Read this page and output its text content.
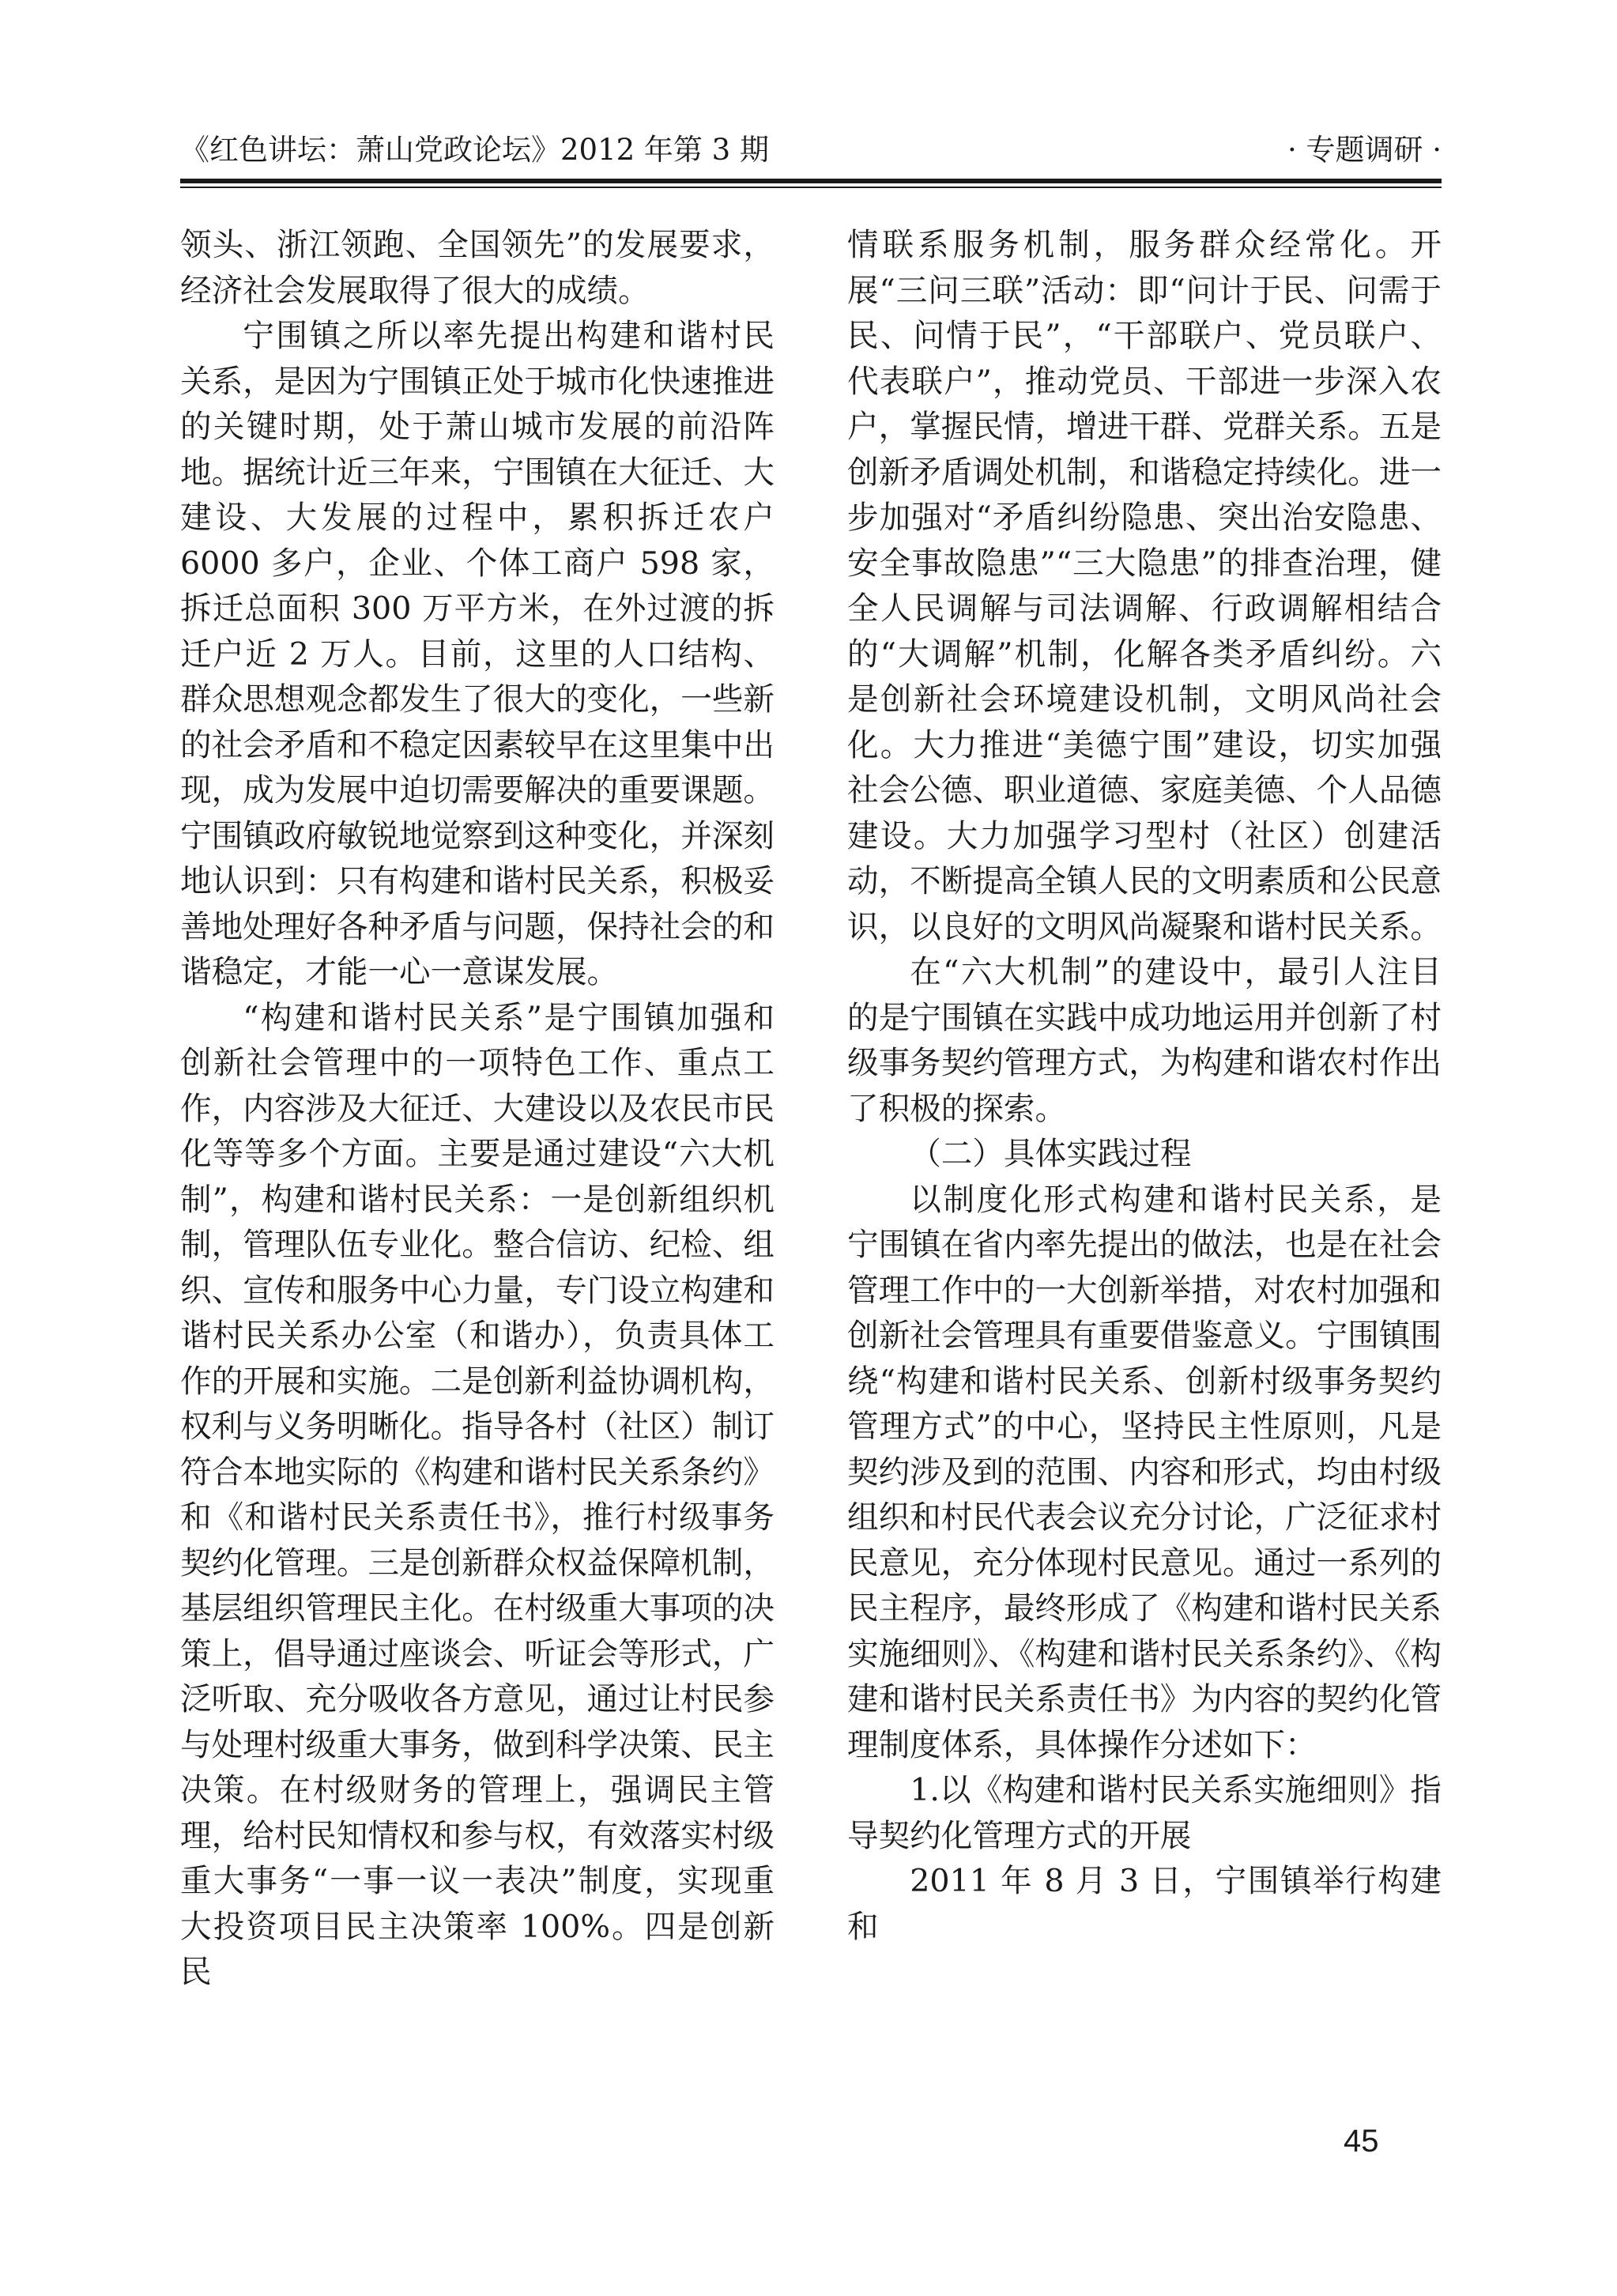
《红色讲坛：萧山党政论坛》2012 年第 3 期	· 专题调研 ·

领头、浙江领跑、全国领先”的发展要求，经济社会发展取得了很大的成绩。

宁围镇之所以率先提出构建和谐村民关系，是因为宁围镇正处于城市化快速推进的关键时期，处于萧山城市发展的前沿阵地。据统计近三年来，宁围镇在大征迁、大建设、大发展的过程中，累积拆迁农户 6000 多户，企业、个体工商户 598 家，拆迁总面积 300 万平方米，在外过渡的拆迁户近 2 万人。目前，这里的人口结构、群众思想观念都发生了很大的变化，一些新的社会矛盾和不稳定因素较早在这里集中出现，成为发展中迫切需要解决的重要课题。宁围镇政府敏锐地觉察到这种变化，并深刻地认识到：只有构建和谐村民关系，积极妥善地处理好各种矛盾与问题，保持社会的和谐稳定，才能一心一意谋发展。

“构建和谐村民关系”是宁围镇加强和创新社会管理中的一项特色工作、重点工作，内容涉及大征迁、大建设以及农民市民化等等多个方面。主要是通过建设“六大机制”，构建和谐村民关系：一是创新组织机制，管理队伍专业化。整合信访、纪检、组织、宣传和服务中心力量，专门设立构建和谐村民关系办公室（和谐办），负责具体工作的开展和实施。二是创新利益协调机构，权利与义务明晰化。指导各村（社区）制订符合本地实际的《构建和谐村民关系条约》和《和谐村民关系责任书》，推行村级事务契约化管理。三是创新群众权益保障机制，基层组织管理民主化。在村级重大事项的决策上，倡导通过座谈会、听证会等形式，广泛听取、充分吸收各方意见，通过让村民参与处理村级重大事务，做到科学决策、民主决策。在村级财务的管理上，强调民主管理，给村民知情权和参与权，有效落实村级重大事务“一事一议一表决”制度，实现重大投资项目民主决策率 100%。四是创新民

情联系服务机制，服务群众经常化。开展“三问三联”活动：即“问计于民、问需于民、问情于民”，“干部联户、党员联户、代表联户”，推动党员、干部进一步深入农户，掌握民情，增进干群、党群关系。五是创新矛盾调处机制，和谐稳定持续化。进一步加强对“矛盾纠纷隐患、突出治安隐患、安全事故隐患”“三大隐患”的排查治理，健全人民调解与司法调解、行政调解相结合的“大调解”机制，化解各类矛盾纠纷。六是创新社会环境建设机制，文明风尚社会化。大力推进“美德宁围”建设，切实加强社会公德、职业道德、家庭美德、个人品德建设。大力加强学习型村（社区）创建活动，不断提高全镇人民的文明素质和公民意识，以良好的文明风尚凝聚和谐村民关系。

在“六大机制”的建设中，最引人注目的是宁围镇在实践中成功地运用并创新了村级事务契约管理方式，为构建和谐农村作出了积极的探索。

（二）具体实践过程

以制度化形式构建和谐村民关系，是宁围镇在省内率先提出的做法，也是在社会管理工作中的一大创新举措，对农村加强和创新社会管理具有重要借鉴意义。宁围镇围绕“构建和谐村民关系、创新村级事务契约管理方式”的中心，坚持民主性原则，凡是契约涉及到的范围、内容和形式，均由村级组织和村民代表会议充分讨论，广泛征求村民意见，充分体现村民意见。通过一系列的民主程序，最终形成了《构建和谐村民关系实施细则》、《构建和谐村民关系条约》、《构建和谐村民关系责任书》为内容的契约化管理制度体系，具体操作分述如下：

1.以《构建和谐村民关系实施细则》指导契约化管理方式的开展

2011 年 8 月 3 日，宁围镇举行构建和

45
